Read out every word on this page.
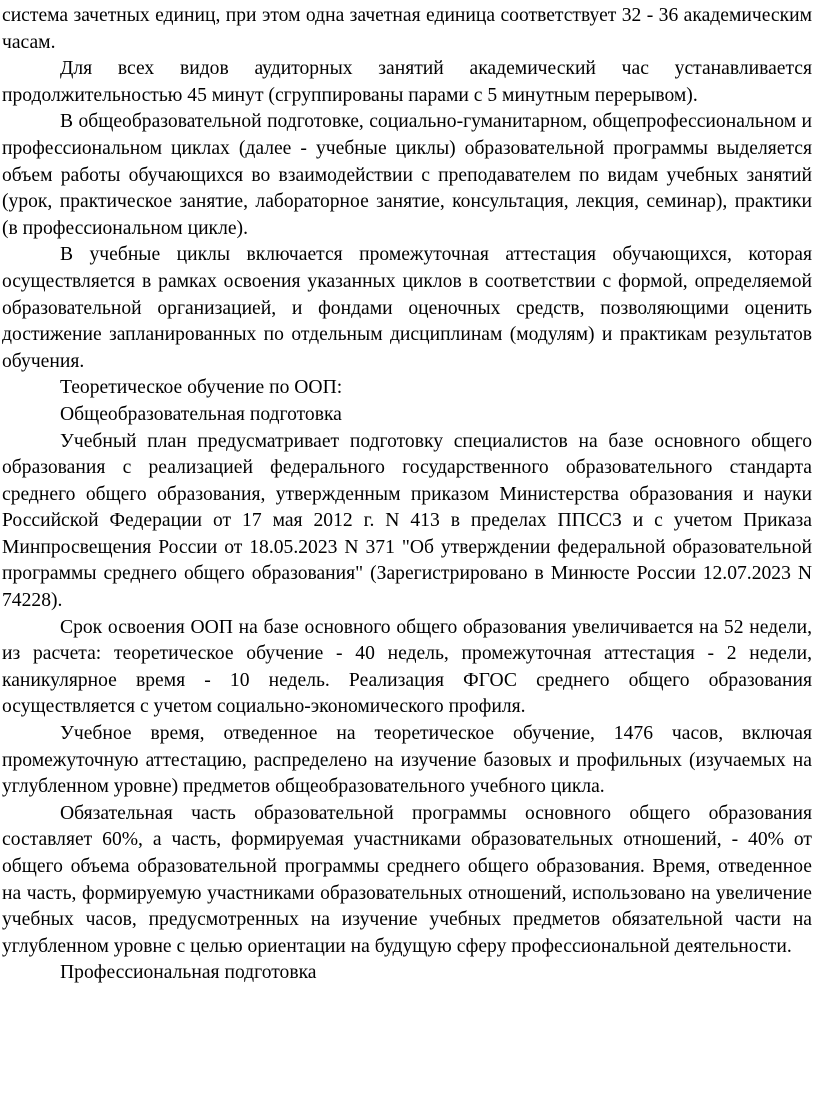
система зачетных единиц, при этом одна зачетная единица соответствует 32 - 36 академическим часам.

Для всех видов аудиторных занятий академический час устанавливается продолжительностью 45 минут (сгруппированы парами с 5 минутным перерывом).

В общеобразовательной подготовке, социально-гуманитарном, общепрофессиональном и профессиональном циклах (далее - учебные циклы) образовательной программы выделяется объем работы обучающихся во взаимодействии с преподавателем по видам учебных занятий (урок, практическое занятие, лабораторное занятие, консультация, лекция, семинар), практики (в профессиональном цикле).

В учебные циклы включается промежуточная аттестация обучающихся, которая осуществляется в рамках освоения указанных циклов в соответствии с формой, определяемой образовательной организацией, и фондами оценочных средств, позволяющими оценить достижение запланированных по отдельным дисциплинам (модулям) и практикам результатов обучения.

Теоретическое обучение по ООП:

Общеобразовательная подготовка

Учебный план предусматривает подготовку специалистов на базе основного общего образования с реализацией федерального государственного образовательного стандарта среднего общего образования, утвержденным приказом Министерства образования и науки Российской Федерации от 17 мая 2012 г. N 413 в пределах ППССЗ и с учетом Приказа Минпросвещения России от 18.05.2023 N 371 "Об утверждении федеральной образовательной программы среднего общего образования" (Зарегистрировано в Минюсте России 12.07.2023 N 74228).

Срок освоения ООП на базе основного общего образования увеличивается на 52 недели, из расчета: теоретическое обучение - 40 недель, промежуточная аттестация - 2 недели, каникулярное время - 10 недель. Реализация ФГОС среднего общего образования осуществляется с учетом социально-экономического профиля.

Учебное время, отведенное на теоретическое обучение, 1476 часов, включая промежуточную аттестацию, распределено на изучение базовых и профильных (изучаемых на углубленном уровне) предметов общеобразовательного учебного цикла.

Обязательная часть образовательной программы основного общего образования составляет 60%, а часть, формируемая участниками образовательных отношений, - 40% от общего объема образовательной программы среднего общего образования. Время, отведенное на часть, формируемую участниками образовательных отношений, использовано на увеличение учебных часов, предусмотренных на изучение учебных предметов обязательной части на углубленном уровне с целью ориентации на будущую сферу профессиональной деятельности.

Профессиональная подготовка
